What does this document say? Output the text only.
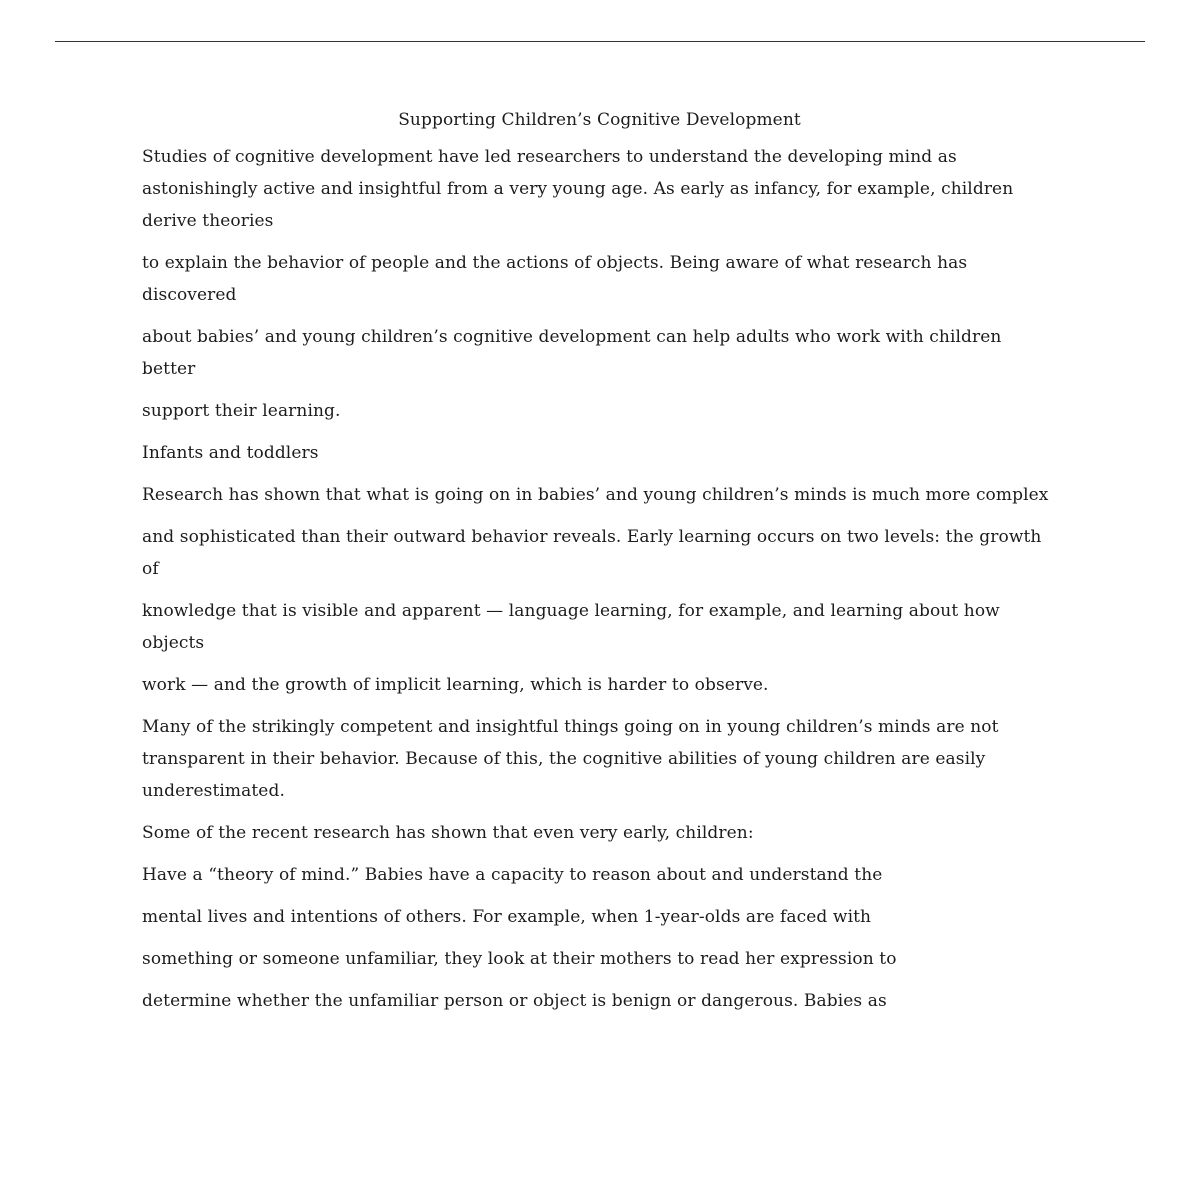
Supporting Children’s Cognitive Development

Studies of cognitive development have led researchers to understand the developing mind as astonishingly active and insightful from a very young age. As early as infancy, for example, children derive theories

to explain the behavior of people and the actions of objects. Being aware of what research has discovered

about babies’ and young children’s cognitive development can help adults who work with children better

support their learning.

Infants and toddlers

Research has shown that what is going on in babies’ and young children’s minds is much more complex

and sophisticated than their outward behavior reveals. Early learning occurs on two levels: the growth of

knowledge that is visible and apparent — language learning, for example, and learning about how objects

work — and the growth of implicit learning, which is harder to observe.

Many of the strikingly competent and insightful things going on in young children’s minds are not transparent in their behavior. Because of this, the cognitive abilities of young children are easily underestimated.

Some of the recent research has shown that even very early, children:

Have a “theory of mind.” Babies have a capacity to reason about and understand the

mental lives and intentions of others. For example, when 1-year-olds are faced with

something or someone unfamiliar, they look at their mothers to read her expression to

determine whether the unfamiliar person or object is benign or dangerous. Babies as
